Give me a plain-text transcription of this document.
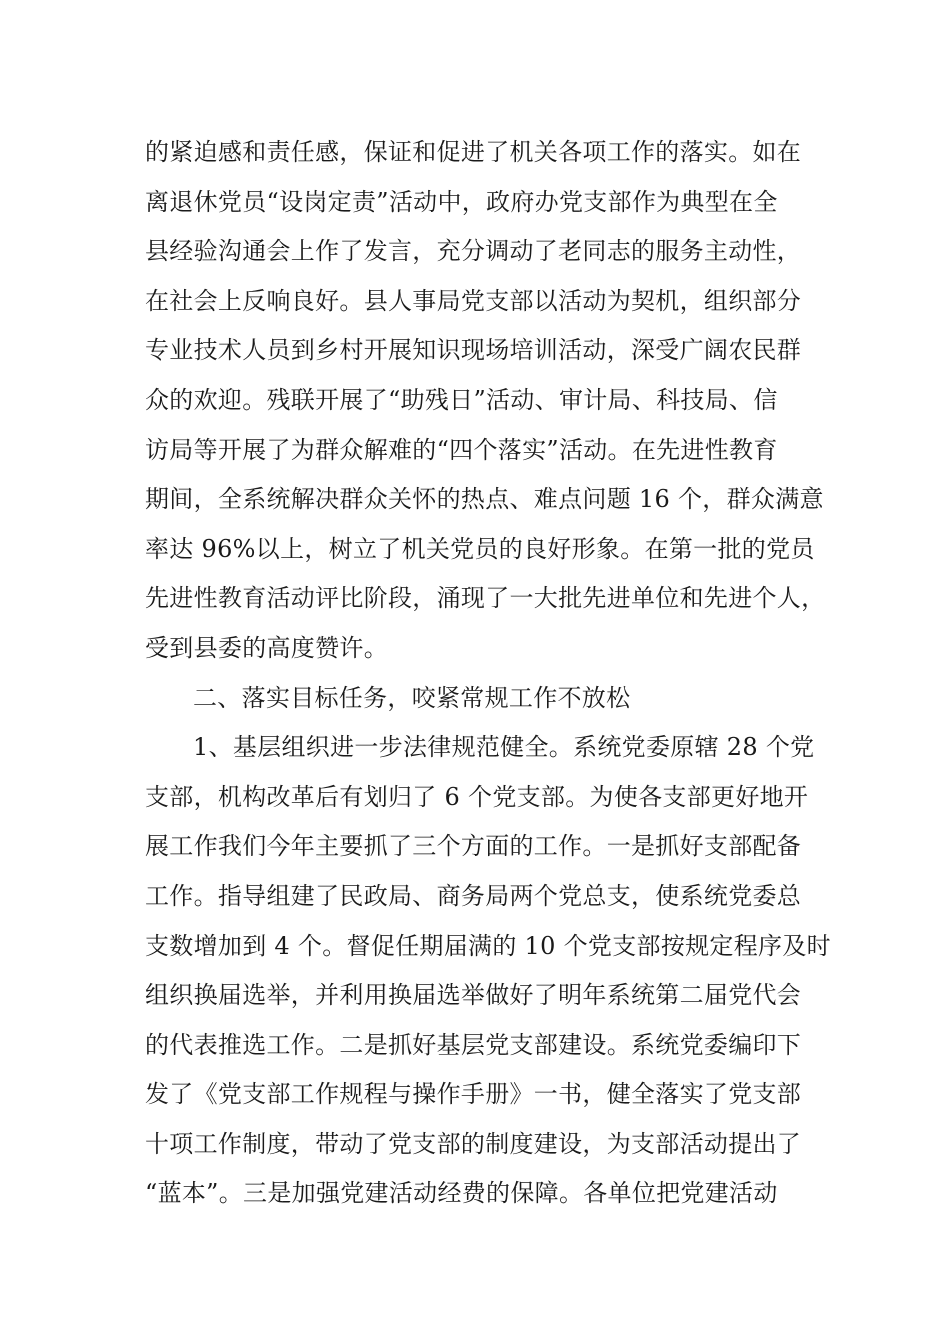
的紧迫感和责任感，保证和促进了机关各项工作的落实。如在
离退休党员“设岗定责”活动中，政府办党支部作为典型在全
县经验沟通会上作了发言，充分调动了老同志的服务主动性，
在社会上反响良好。县人事局党支部以活动为契机，组织部分
专业技术人员到乡村开展知识现场培训活动，深受广阔农民群
众的欢迎。残联开展了“助残日”活动、审计局、科技局、信
访局等开展了为群众解难的“四个落实”活动。在先进性教育
期间，全系统解决群众关怀的热点、难点问题 16 个，群众满意
率达 96%以上，树立了机关党员的良好形象。在第一批的党员
先进性教育活动评比阶段，涌现了一大批先进单位和先进个人，
受到县委的高度赞许。
二、落实目标任务，咬紧常规工作不放松
1、基层组织进一步法律规范健全。系统党委原辖 28 个党
支部，机构改革后有划归了 6 个党支部。为使各支部更好地开
展工作我们今年主要抓了三个方面的工作。一是抓好支部配备
工作。指导组建了民政局、商务局两个党总支，使系统党委总
支数增加到 4 个。督促任期届满的 10 个党支部按规定程序及时
组织换届选举，并利用换届选举做好了明年系统第二届党代会
的代表推选工作。二是抓好基层党支部建设。系统党委编印下
发了《党支部工作规程与操作手册》一书，健全落实了党支部
十项工作制度，带动了党支部的制度建设，为支部活动提出了
“蓝本”。三是加强党建活动经费的保障。各单位把党建活动
